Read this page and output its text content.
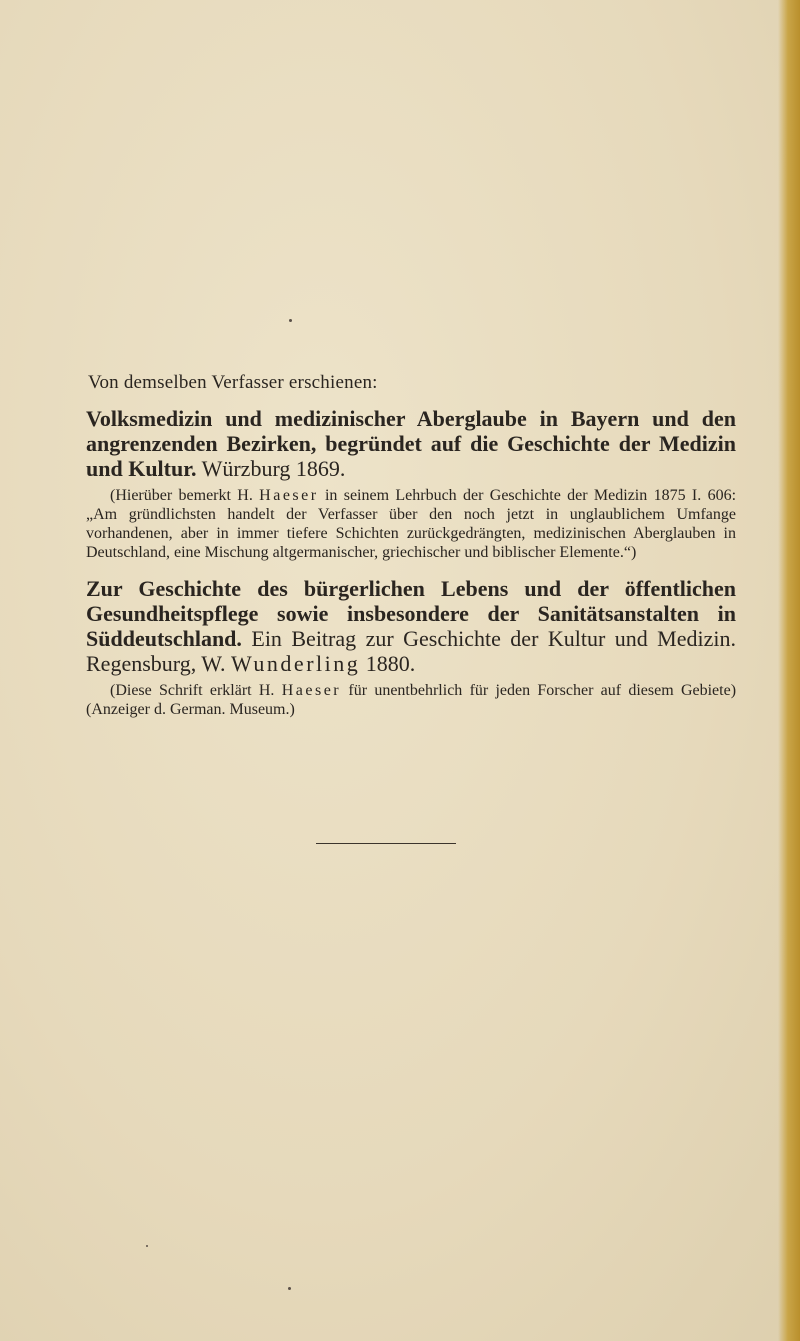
Von demselben Verfasser erschienen:
Volksmedizin und medizinischer Aberglaube in Bayern und den angrenzenden Bezirken, begründet auf die Geschichte der Medizin und Kultur. Würzburg 1869.
(Hierüber bemerkt H. Haeser in seinem Lehrbuch der Geschichte der Medizin 1875 I. 606: „Am gründlichsten handelt der Verfasser über den noch jetzt in unglaublichem Umfange vorhandenen, aber in immer tiefere Schichten zurückgedrängten, medizinischen Aberglauben in Deutschland, eine Mischung altgermanischer, griechischer und biblischer Elemente.“)
Zur Geschichte des bürgerlichen Lebens und der öffentlichen Gesundheitspflege sowie insbesondere der Sanitätsanstalten in Süddeutschland. Ein Beitrag zur Geschichte der Kultur und Medizin. Regensburg, W. Wunderling 1880.
(Diese Schrift erklärt H. Haeser für unentbehrlich für jeden Forscher auf diesem Gebiete) (Anzeiger d. German. Museum.)
